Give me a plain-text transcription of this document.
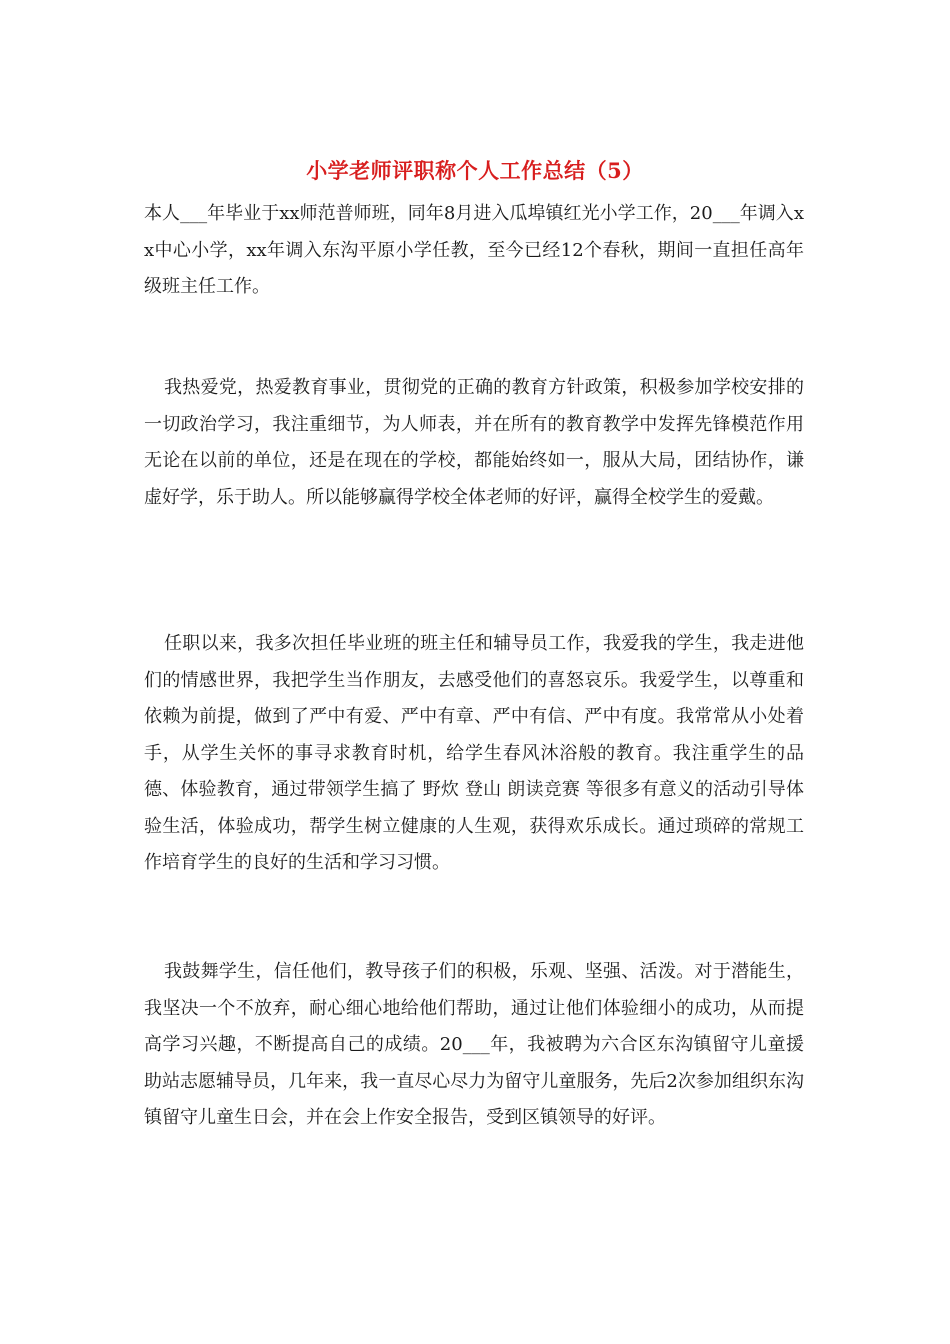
小学老师评职称个人工作总结（5）

本人___年毕业于xx师范普师班，同年8月进入瓜埠镇红光小学工作，20___年调入xx中心小学，xx年调入东沟平原小学任教，至今已经12个春秋，期间一直担任高年级班主任工作。

我热爱党，热爱教育事业，贯彻党的正确的教育方针政策，积极参加学校安排的一切政治学习，我注重细节，为人师表，并在所有的教育教学中发挥先锋模范作用无论在以前的单位，还是在现在的学校，都能始终如一，服从大局，团结协作，谦虚好学，乐于助人。所以能够赢得学校全体老师的好评，赢得全校学生的爱戴。

任职以来，我多次担任毕业班的班主任和辅导员工作，我爱我的学生，我走进他们的情感世界，我把学生当作朋友，去感受他们的喜怒哀乐。我爱学生，以尊重和依赖为前提，做到了严中有爱、严中有章、严中有信、严中有度。我常常从小处着手，从学生关怀的事寻求教育时机，给学生春风沐浴般的教育。我注重学生的品德、体验教育，通过带领学生搞了 野炊 登山 朗读竞赛 等很多有意义的活动引导体验生活，体验成功，帮学生树立健康的人生观，获得欢乐成长。通过琐碎的常规工作培育学生的良好的生活和学习习惯。

我鼓舞学生，信任他们，教导孩子们的积极，乐观、坚强、活泼。对于潜能生，我坚决一个不放弃，耐心细心地给他们帮助，通过让他们体验细小的成功，从而提高学习兴趣，不断提高自己的成绩。20___年，我被聘为六合区东沟镇留守儿童援助站志愿辅导员，几年来，我一直尽心尽力为留守儿童服务，先后2次参加组织东沟镇留守儿童生日会，并在会上作安全报告，受到区镇领导的好评。
